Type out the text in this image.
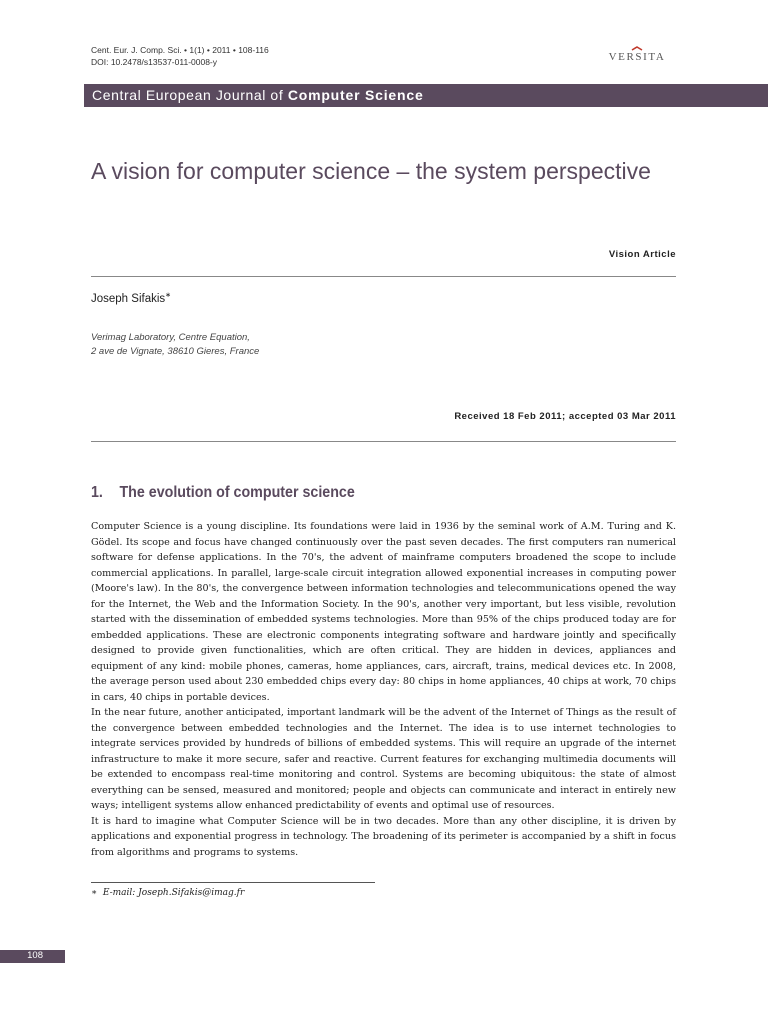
Cent. Eur. J. Comp. Sci. • 1(1) • 2011 • 108-116
DOI: 10.2478/s13537-011-0008-y	VERSITA
Central European Journal of Computer Science
A vision for computer science – the system perspective
Vision Article
Joseph Sifakis∗
Verimag Laboratory, Centre Equation,
2 ave de Vignate, 38610 Gieres, France
Received 18 Feb 2011; accepted 03 Mar 2011
1. The evolution of computer science

Computer Science is a young discipline. Its foundations were laid in 1936 by the seminal work of A.M. Turing and K. Gödel. Its scope and focus have changed continuously over the past seven decades. The first computers ran numerical software for defense applications. In the 70's, the advent of mainframe computers broadened the scope to include commercial applications. In parallel, large-scale circuit integration allowed exponential increases in computing power (Moore's law). In the 80's, the convergence between information technologies and telecommunications opened the way for the Internet, the Web and the Information Society. In the 90's, another very important, but less visible, revolution started with the dissemination of embedded systems technologies. More than 95% of the chips produced today are for embedded applications. These are electronic components integrating software and hardware jointly and specifically designed to provide given functionalities, which are often critical. They are hidden in devices, appliances and equipment of any kind: mobile phones, cameras, home appliances, cars, aircraft, trains, medical devices etc. In 2008, the average person used about 230 embedded chips every day: 80 chips in home appliances, 40 chips at work, 70 chips in cars, 40 chips in portable devices.

In the near future, another anticipated, important landmark will be the advent of the Internet of Things as the result of the convergence between embedded technologies and the Internet. The idea is to use internet technologies to integrate services provided by hundreds of billions of embedded systems. This will require an upgrade of the internet infrastructure to make it more secure, safer and reactive. Current features for exchanging multimedia documents will be extended to encompass real-time monitoring and control. Systems are becoming ubiquitous: the state of almost everything can be sensed, measured and monitored; people and objects can communicate and interact in entirely new ways; intelligent systems allow enhanced predictability of events and optimal use of resources.

It is hard to imagine what Computer Science will be in two decades. More than any other discipline, it is driven by applications and exponential progress in technology. The broadening of its perimeter is accompanied by a shift in focus from algorithms and programs to systems.

∗ E-mail: Joseph.Sifakis@imag.fr
108
